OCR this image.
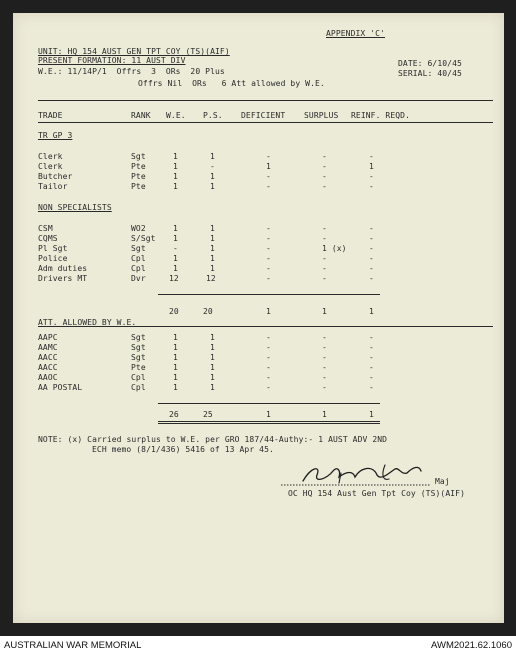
APPENDIX 'C'
UNIT: HQ 154 AUST GEN TPT COY (TS)(AIF)
PRESENT FORMATION: 11 AUST DIV	DATE: 6/10/45
W.E.: 11/14P/1  Offrs  3  ORs  20 Plus	SERIAL: 40/45
Offrs Nil  ORs   6 Att allowed by W.E.
TRADE	RANK W.E. P.S. DEFICIENT SURPLUS REINF. REQD.
TR GP 3
Clerk	Sgt	1	1	-	-	-
Clerk	Pte	1	-	1	-	1
Butcher	Pte	1	1	-	-	-
Tailor	Pte	1	1	-	-	-
NON SPECIALISTS
CSM	WO2	1	1	-	-	-
CQMS	S/Sgt 1	1	-	-	-
Pl Sgt	Sgt	-	1	-	1 (x)	-
Police	Cpl	1	1	-	-	-
Adm duties	Cpl	1	1	-	-	-
Drivers MT	Dvr	12	12	-	-	-
20	20	1	1	1
ATT. ALLOWED BY W.E.
AAPC	Sgt	1	1	-	-	-
AAMC	Sgt	1	1	-	-	-
AACC	Sgt	1	1	-	-	-
AACC	Pte	1	1	-	-	-
AAOC	Cpl	1	1	-	-	-
AA POSTAL	Cpl	1	1	-	-	-
26	25	1	1	1
NOTE: (x) Carried surplus to W.E. per GRO 187/44-Authy:- 1 AUST ADV 2ND
ECH memo (8/1/436) 5416 of 13 Apr 45.
Maj
OC HQ 154 Aust Gen Tpt Coy (TS)(AIF)
AUSTRALIAN WAR MEMORIAL	AWM2021.62.1060
